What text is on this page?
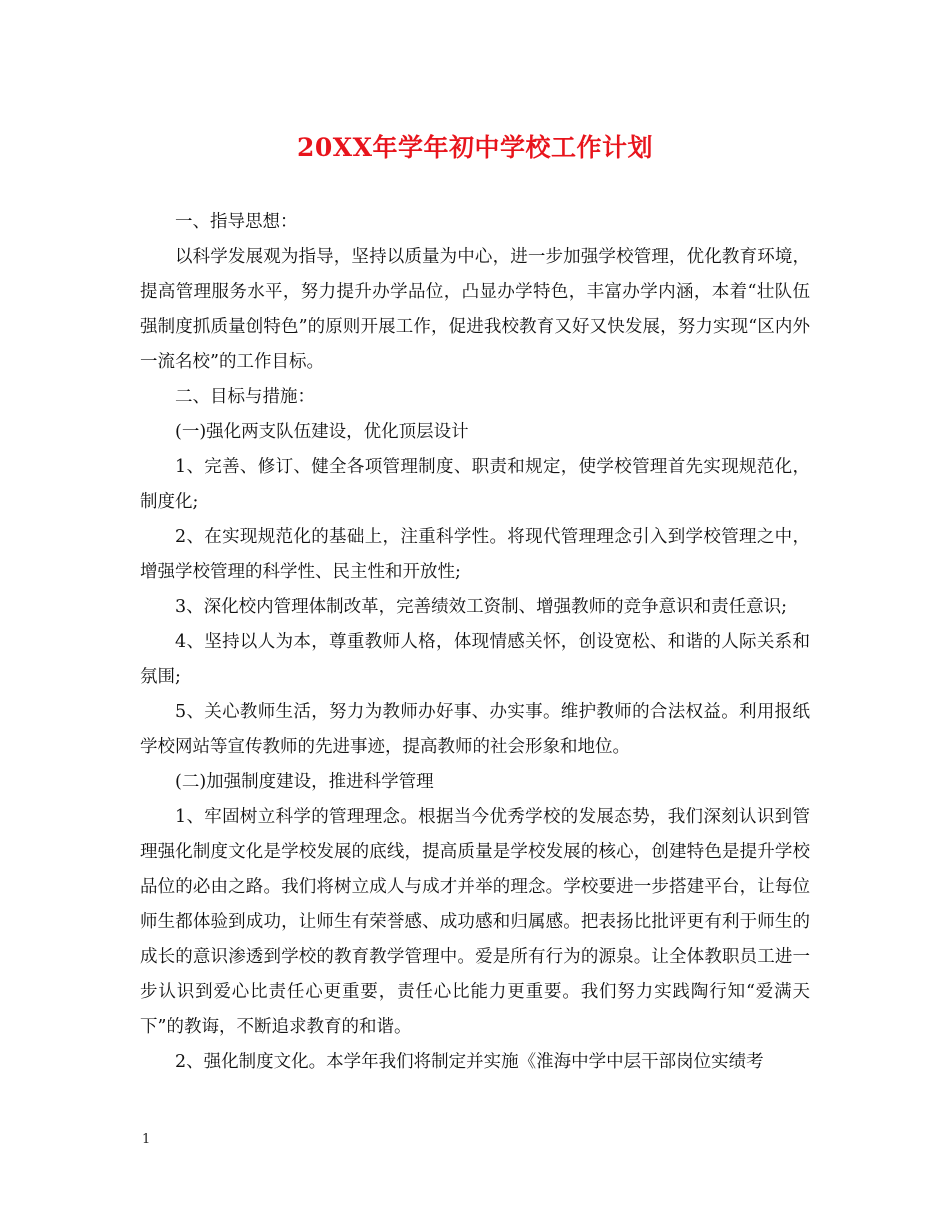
20XX年学年初中学校工作计划

一、指导思想：

以科学发展观为指导，坚持以质量为中心，进一步加强学校管理，优化教育环境，提高管理服务水平，努力提升办学品位，凸显办学特色，丰富办学内涵，本着“壮队伍强制度抓质量创特色”的原则开展工作，促进我校教育又好又快发展，努力实现“区内外一流名校”的工作目标。

二、目标与措施：

(一)强化两支队伍建设，优化顶层设计

1、完善、修订、健全各项管理制度、职责和规定，使学校管理首先实现规范化，制度化;

2、在实现规范化的基础上，注重科学性。将现代管理理念引入到学校管理之中，增强学校管理的科学性、民主性和开放性;

3、深化校内管理体制改革，完善绩效工资制、增强教师的竞争意识和责任意识;

4、坚持以人为本，尊重教师人格，体现情感关怀，创设宽松、和谐的人际关系和氛围;

5、关心教师生活，努力为教师办好事、办实事。维护教师的合法权益。利用报纸学校网站等宣传教师的先进事迹，提高教师的社会形象和地位。

(二)加强制度建设，推进科学管理

1、牢固树立科学的管理理念。根据当今优秀学校的发展态势，我们深刻认识到管理强化制度文化是学校发展的底线，提高质量是学校发展的核心，创建特色是提升学校品位的必由之路。我们将树立成人与成才并举的理念。学校要进一步搭建平台，让每位师生都体验到成功，让师生有荣誉感、成功感和归属感。把表扬比批评更有利于师生的成长的意识渗透到学校的教育教学管理中。爱是所有行为的源泉。让全体教职员工进一步认识到爱心比责任心更重要，责任心比能力更重要。我们努力实践陶行知“爱满天下”的教诲，不断追求教育的和谐。

2、强化制度文化。本学年我们将制定并实施《淮海中学中层干部岗位实绩考

1
